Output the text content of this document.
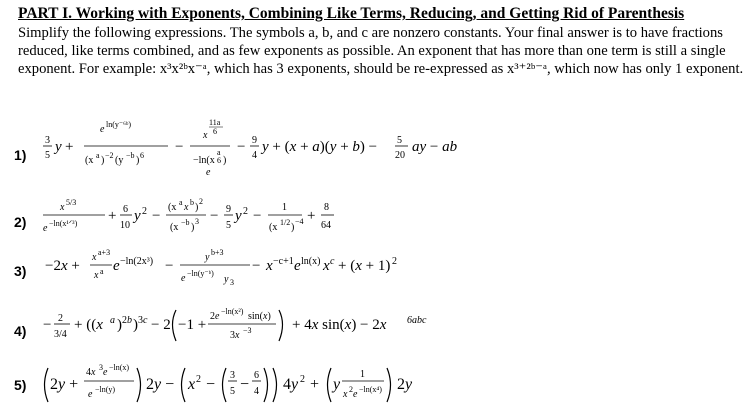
PART I. Working with Exponents, Combining Like Terms, Reducing, and Getting Rid of Parenthesis

Simplify the following expressions. The symbols a, b, and c are nonzero constants. Your final answer is to have fractions reduced, like terms combined, and as few exponents as possible. An exponent that has more than one term is still a single exponent. For example: x³x²ᵇx⁻ᵃ, which has 3 exponents, should be re-expressed as x³⁺²ᵇ⁻ᵃ, which now has only 1 exponent.

1)
3
5
y +
e ln(y⁻⁶ᵇ)
(x a ) −2 (y −b ) 6
−
x
11a
6
−ln(x
a
6 )
e
− 9
4
y + (x + a)(y + b) − 5
20
ay − ab
2)
x 5/3
e −ln(x¹ᐟ³) + 6
10
y 2 −
(x a x b )
2
(x −b )
3 − 9
5
y 2 −
1
(x 1/2 )
−4 +
8
64
3) −2x +
x a+3
x a e −ln(2x³) −
y b+3
e −ln(y⁻ᵇ)
y 3
− x −c+1 e ln(x) x c + (x + 1) 2
4) − 2
3/4
+ ((x a ) 2b ) 3c − 2 −1 +
2e −ln(x²) sin(x)
3x −3	+ 4x sin(x) − 2x 6abc
5) 2y +
4x 3 e −ln(x)
e −ln(y) 2y − x 2 −
3
5 −
6
4 4y 2 + y
1
x 2 e −ln(x⁴) 2y
